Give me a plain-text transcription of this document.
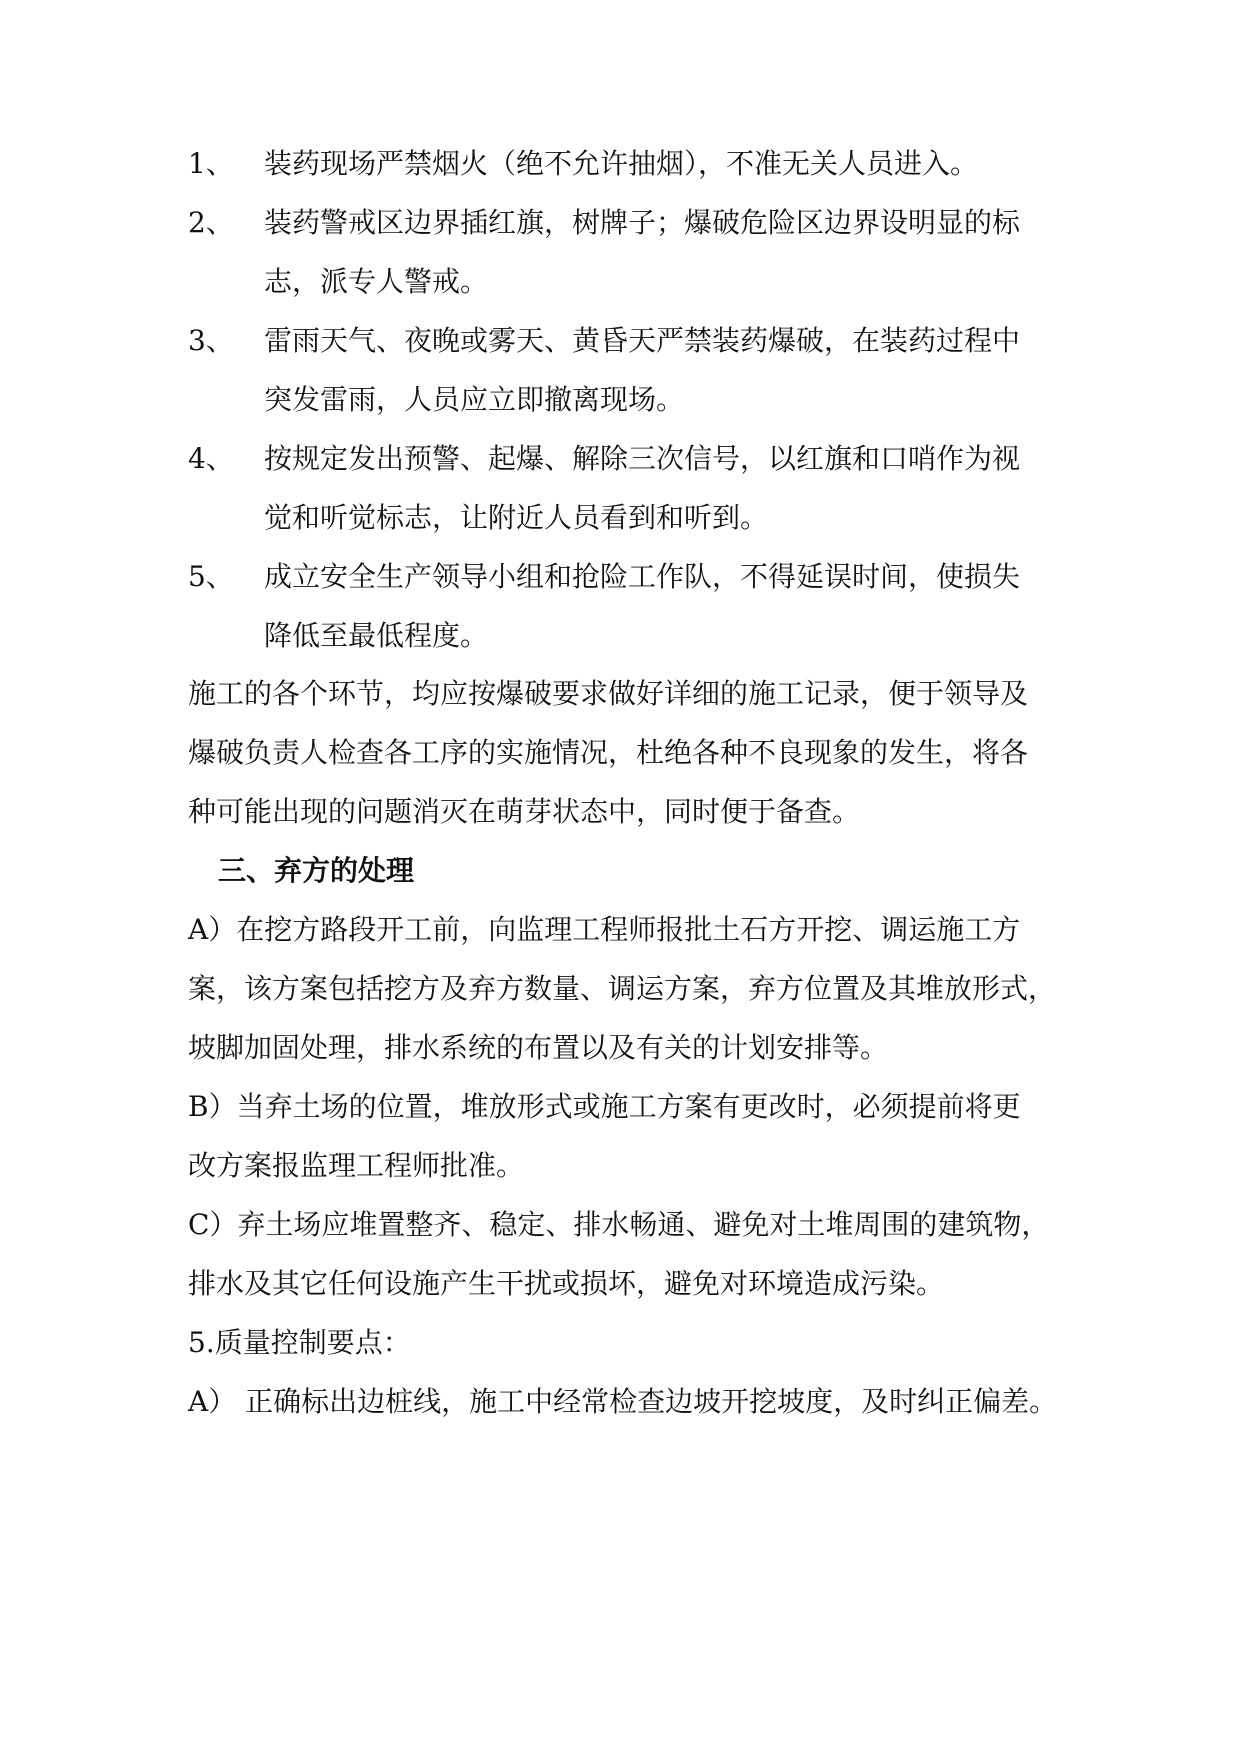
1、 装药现场严禁烟火（绝不允许抽烟），不准无关人员进入。
2、 装药警戒区边界插红旗，树牌子；爆破危险区边界设明显的标
志，派专人警戒。
3、 雷雨天气、夜晚或雾天、黄昏天严禁装药爆破，在装药过程中
突发雷雨，人员应立即撤离现场。
4、 按规定发出预警、起爆、解除三次信号，以红旗和口哨作为视
觉和听觉标志，让附近人员看到和听到。
5、 成立安全生产领导小组和抢险工作队，不得延误时间，使损失
降低至最低程度。
施工的各个环节，均应按爆破要求做好详细的施工记录，便于领导及
爆破负责人检查各工序的实施情况，杜绝各种不良现象的发生，将各
种可能出现的问题消灭在萌芽状态中，同时便于备查。
三、弃方的处理
A）在挖方路段开工前，向监理工程师报批土石方开挖、调运施工方
案，该方案包括挖方及弃方数量、调运方案，弃方位置及其堆放形式，
坡脚加固处理，排水系统的布置以及有关的计划安排等。
B）当弃土场的位置，堆放形式或施工方案有更改时，必须提前将更
改方案报监理工程师批准。
C）弃土场应堆置整齐、稳定、排水畅通、避免对土堆周围的建筑物，
排水及其它任何设施产生干扰或损坏，避免对环境造成污染。
5.质量控制要点：
A） 正确标出边桩线，施工中经常检查边坡开挖坡度，及时纠正偏差。
